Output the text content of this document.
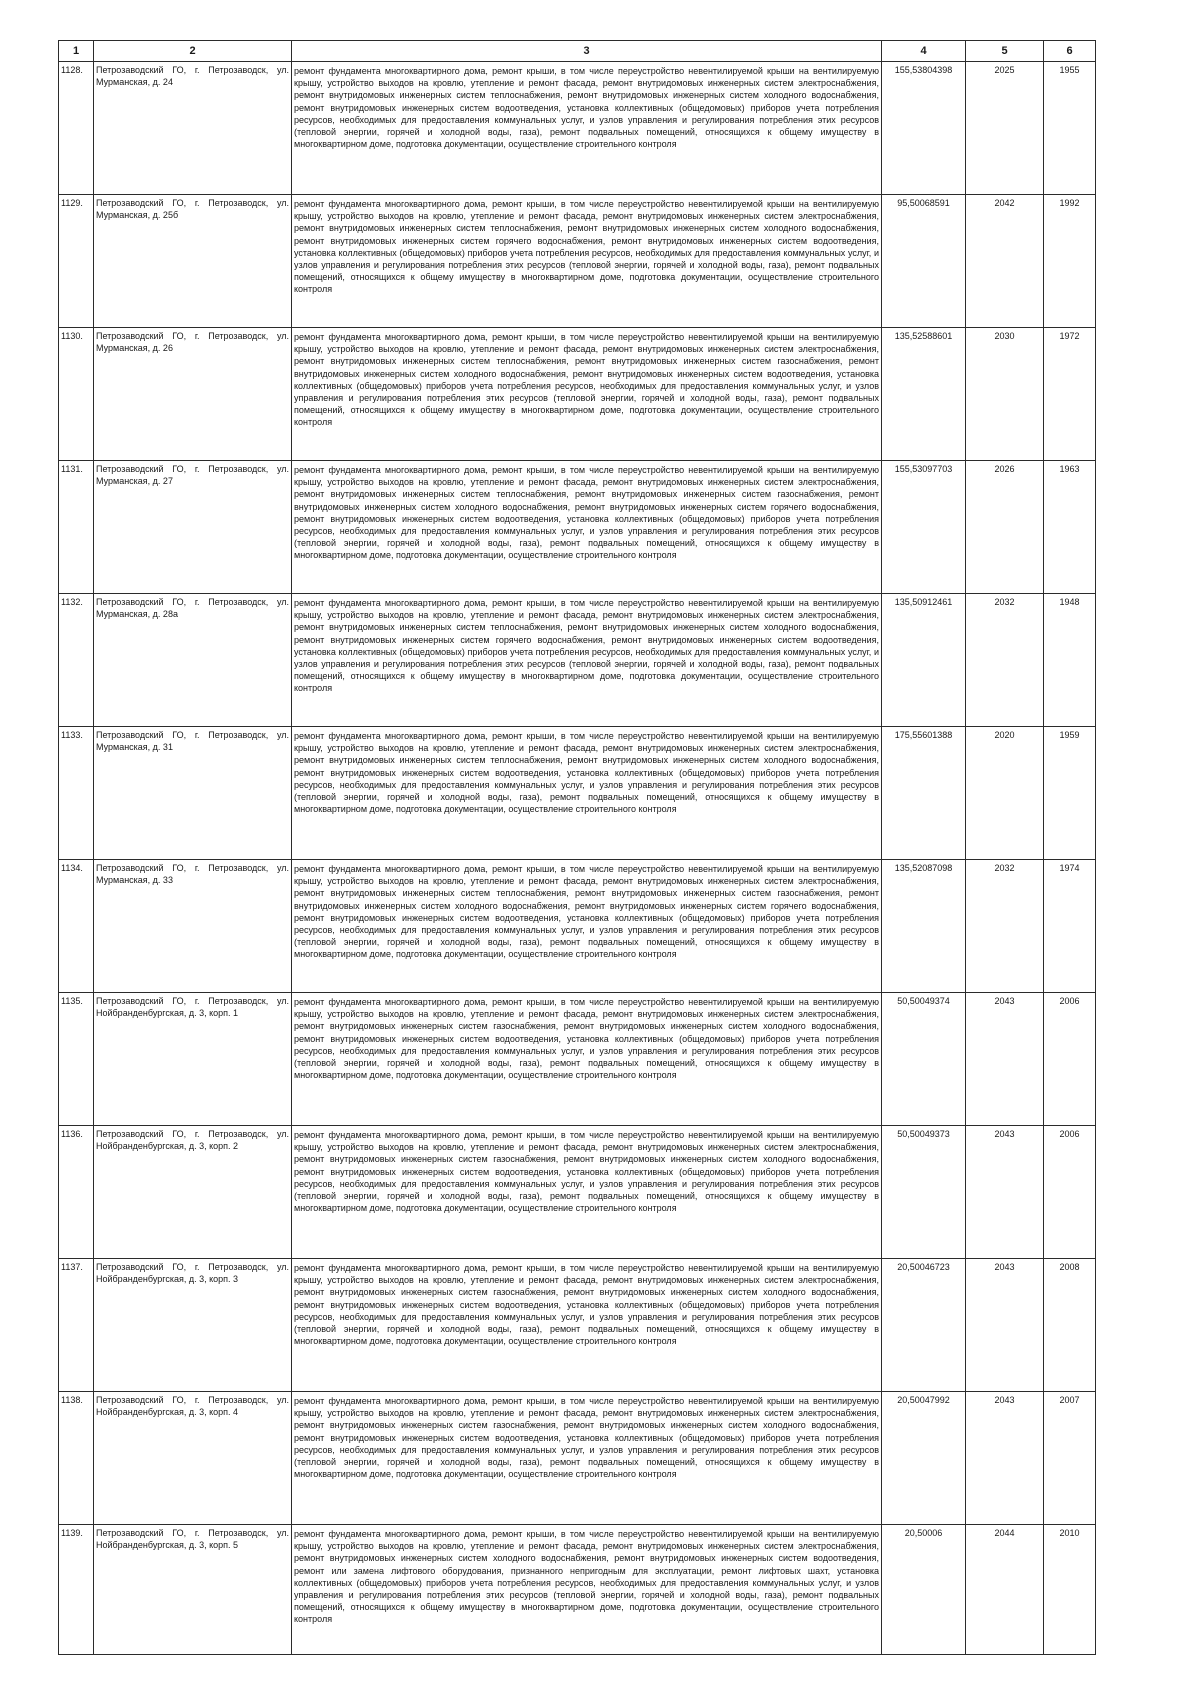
1	2	3	4	5	6
1128.	Петрозаводский ГО, г. Петрозаводск, ул. Мурманская, д. 24	ремонт фундамента многоквартирного дома, ремонт крыши, в том числе переустройство невентилируемой крыши на вентилируемую крышу, устройство выходов на кровлю, утепление и ремонт фасада, ремонт внутридомовых инженерных систем электроснабжения, ремонт внутридомовых инженерных систем теплоснабжения, ремонт внутридомовых инженерных систем холодного водоснабжения, ремонт внутридомовых инженерных систем водоотведения, установка коллективных (общедомовых) приборов учета потребления ресурсов, необходимых для предоставления коммунальных услуг, и узлов управления и регулирования потребления этих ресурсов (тепловой энергии, горячей и холодной воды, газа), ремонт подвальных помещений, относящихся к общему имуществу в многоквартирном доме, подготовка документации, осуществление строительного контроля	155,53804398	2025	1955
1129.	Петрозаводский ГО, г. Петрозаводск, ул. Мурманская, д. 25б	ремонт фундамента многоквартирного дома, ремонт крыши, в том числе переустройство невентилируемой крыши на вентилируемую крышу, устройство выходов на кровлю, утепление и ремонт фасада, ремонт внутридомовых инженерных систем электроснабжения, ремонт внутридомовых инженерных систем теплоснабжения, ремонт внутридомовых инженерных систем холодного водоснабжения, ремонт внутридомовых инженерных систем горячего водоснабжения, ремонт внутридомовых инженерных систем водоотведения, установка коллективных (общедомовых) приборов учета потребления ресурсов, необходимых для предоставления коммунальных услуг, и узлов управления и регулирования потребления этих ресурсов (тепловой энергии, горячей и холодной воды, газа), ремонт подвальных помещений, относящихся к общему имуществу в многоквартирном доме, подготовка документации, осуществление строительного контроля	95,50068591	2042	1992
1130.	Петрозаводский ГО, г. Петрозаводск, ул. Мурманская, д. 26	ремонт фундамента многоквартирного дома, ремонт крыши, в том числе переустройство невентилируемой крыши на вентилируемую крышу, устройство выходов на кровлю, утепление и ремонт фасада, ремонт внутридомовых инженерных систем электроснабжения, ремонт внутридомовых инженерных систем теплоснабжения, ремонт внутридомовых инженерных систем газоснабжения, ремонт внутридомовых инженерных систем холодного водоснабжения, ремонт внутридомовых инженерных систем водоотведения, установка коллективных (общедомовых) приборов учета потребления ресурсов, необходимых для предоставления коммунальных услуг, и узлов управления и регулирования потребления этих ресурсов (тепловой энергии, горячей и холодной воды, газа), ремонт подвальных помещений, относящихся к общему имуществу в многоквартирном доме, подготовка документации, осуществление строительного контроля	135,52588601	2030	1972
1131.	Петрозаводский ГО, г. Петрозаводск, ул. Мурманская, д. 27	ремонт фундамента многоквартирного дома, ремонт крыши, в том числе переустройство невентилируемой крыши на вентилируемую крышу, устройство выходов на кровлю, утепление и ремонт фасада, ремонт внутридомовых инженерных систем электроснабжения, ремонт внутридомовых инженерных систем теплоснабжения, ремонт внутридомовых инженерных систем газоснабжения, ремонт внутридомовых инженерных систем холодного водоснабжения, ремонт внутридомовых инженерных систем горячего водоснабжения, ремонт внутридомовых инженерных систем водоотведения, установка коллективных (общедомовых) приборов учета потребления ресурсов, необходимых для предоставления коммунальных услуг, и узлов управления и регулирования потребления этих ресурсов (тепловой энергии, горячей и холодной воды, газа), ремонт подвальных помещений, относящихся к общему имуществу в многоквартирном доме, подготовка документации, осуществление строительного контроля	155,53097703	2026	1963
1132.	Петрозаводский ГО, г. Петрозаводск, ул. Мурманская, д. 28а	ремонт фундамента многоквартирного дома, ремонт крыши, в том числе переустройство невентилируемой крыши на вентилируемую крышу, устройство выходов на кровлю, утепление и ремонт фасада, ремонт внутридомовых инженерных систем электроснабжения, ремонт внутридомовых инженерных систем теплоснабжения, ремонт внутридомовых инженерных систем холодного водоснабжения, ремонт внутридомовых инженерных систем горячего водоснабжения, ремонт внутридомовых инженерных систем водоотведения, установка коллективных (общедомовых) приборов учета потребления ресурсов, необходимых для предоставления коммунальных услуг, и узлов управления и регулирования потребления этих ресурсов (тепловой энергии, горячей и холодной воды, газа), ремонт подвальных помещений, относящихся к общему имуществу в многоквартирном доме, подготовка документации, осуществление строительного контроля	135,50912461	2032	1948
1133.	Петрозаводский ГО, г. Петрозаводск, ул. Мурманская, д. 31	ремонт фундамента многоквартирного дома, ремонт крыши, в том числе переустройство невентилируемой крыши на вентилируемую крышу, устройство выходов на кровлю, утепление и ремонт фасада, ремонт внутридомовых инженерных систем электроснабжения, ремонт внутридомовых инженерных систем теплоснабжения, ремонт внутридомовых инженерных систем холодного водоснабжения, ремонт внутридомовых инженерных систем водоотведения, установка коллективных (общедомовых) приборов учета потребления ресурсов, необходимых для предоставления коммунальных услуг, и узлов управления и регулирования потребления этих ресурсов (тепловой энергии, горячей и холодной воды, газа), ремонт подвальных помещений, относящихся к общему имуществу в многоквартирном доме, подготовка документации, осуществление строительного контроля	175,55601388	2020	1959
1134.	Петрозаводский ГО, г. Петрозаводск, ул. Мурманская, д. 33	ремонт фундамента многоквартирного дома, ремонт крыши, в том числе переустройство невентилируемой крыши на вентилируемую крышу, устройство выходов на кровлю, утепление и ремонт фасада, ремонт внутридомовых инженерных систем электроснабжения, ремонт внутридомовых инженерных систем теплоснабжения, ремонт внутридомовых инженерных систем газоснабжения, ремонт внутридомовых инженерных систем холодного водоснабжения, ремонт внутридомовых инженерных систем горячего водоснабжения, ремонт внутридомовых инженерных систем водоотведения, установка коллективных (общедомовых) приборов учета потребления ресурсов, необходимых для предоставления коммунальных услуг, и узлов управления и регулирования потребления этих ресурсов (тепловой энергии, горячей и холодной воды, газа), ремонт подвальных помещений, относящихся к общему имуществу в многоквартирном доме, подготовка документации, осуществление строительного контроля	135,52087098	2032	1974
1135.	Петрозаводский ГО, г. Петрозаводск, ул. Нойбранденбургская, д. 3, корп. 1	ремонт фундамента многоквартирного дома, ремонт крыши, в том числе переустройство невентилируемой крыши на вентилируемую крышу, устройство выходов на кровлю, утепление и ремонт фасада, ремонт внутридомовых инженерных систем электроснабжения, ремонт внутридомовых инженерных систем газоснабжения, ремонт внутридомовых инженерных систем холодного водоснабжения, ремонт внутридомовых инженерных систем водоотведения, установка коллективных (общедомовых) приборов учета потребления ресурсов, необходимых для предоставления коммунальных услуг, и узлов управления и регулирования потребления этих ресурсов (тепловой энергии, горячей и холодной воды, газа), ремонт подвальных помещений, относящихся к общему имуществу в многоквартирном доме, подготовка документации, осуществление строительного контроля	50,50049374	2043	2006
1136.	Петрозаводский ГО, г. Петрозаводск, ул. Нойбранденбургская, д. 3, корп. 2	ремонт фундамента многоквартирного дома, ремонт крыши, в том числе переустройство невентилируемой крыши на вентилируемую крышу, устройство выходов на кровлю, утепление и ремонт фасада, ремонт внутридомовых инженерных систем электроснабжения, ремонт внутридомовых инженерных систем газоснабжения, ремонт внутридомовых инженерных систем холодного водоснабжения, ремонт внутридомовых инженерных систем водоотведения, установка коллективных (общедомовых) приборов учета потребления ресурсов, необходимых для предоставления коммунальных услуг, и узлов управления и регулирования потребления этих ресурсов (тепловой энергии, горячей и холодной воды, газа), ремонт подвальных помещений, относящихся к общему имуществу в многоквартирном доме, подготовка документации, осуществление строительного контроля	50,50049373	2043	2006
1137.	Петрозаводский ГО, г. Петрозаводск, ул. Нойбранденбургская, д. 3, корп. 3	ремонт фундамента многоквартирного дома, ремонт крыши, в том числе переустройство невентилируемой крыши на вентилируемую крышу, устройство выходов на кровлю, утепление и ремонт фасада, ремонт внутридомовых инженерных систем электроснабжения, ремонт внутридомовых инженерных систем газоснабжения, ремонт внутридомовых инженерных систем холодного водоснабжения, ремонт внутридомовых инженерных систем водоотведения, установка коллективных (общедомовых) приборов учета потребления ресурсов, необходимых для предоставления коммунальных услуг, и узлов управления и регулирования потребления этих ресурсов (тепловой энергии, горячей и холодной воды, газа), ремонт подвальных помещений, относящихся к общему имуществу в многоквартирном доме, подготовка документации, осуществление строительного контроля	20,50046723	2043	2008
1138.	Петрозаводский ГО, г. Петрозаводск, ул. Нойбранденбургская, д. 3, корп. 4	ремонт фундамента многоквартирного дома, ремонт крыши, в том числе переустройство невентилируемой крыши на вентилируемую крышу, устройство выходов на кровлю, утепление и ремонт фасада, ремонт внутридомовых инженерных систем электроснабжения, ремонт внутридомовых инженерных систем газоснабжения, ремонт внутридомовых инженерных систем холодного водоснабжения, ремонт внутридомовых инженерных систем водоотведения, установка коллективных (общедомовых) приборов учета потребления ресурсов, необходимых для предоставления коммунальных услуг, и узлов управления и регулирования потребления этих ресурсов (тепловой энергии, горячей и холодной воды, газа), ремонт подвальных помещений, относящихся к общему имуществу в многоквартирном доме, подготовка документации, осуществление строительного контроля	20,50047992	2043	2007
1139.	Петрозаводский ГО, г. Петрозаводск, ул. Нойбранденбургская, д. 3, корп. 5	ремонт фундамента многоквартирного дома, ремонт крыши, в том числе переустройство невентилируемой крыши на вентилируемую крышу, устройство выходов на кровлю, утепление и ремонт фасада, ремонт внутридомовых инженерных систем электроснабжения, ремонт внутридомовых инженерных систем холодного водоснабжения, ремонт внутридомовых инженерных систем водоотведения, ремонт или замена лифтового оборудования, признанного непригодным для эксплуатации, ремонт лифтовых шахт, установка коллективных (общедомовых) приборов учета потребления ресурсов, необходимых для предоставления коммунальных услуг, и узлов управления и регулирования потребления этих ресурсов (тепловой энергии, горячей и холодной воды, газа), ремонт подвальных помещений, относящихся к общему имуществу в многоквартирном доме, подготовка документации, осуществление строительного контроля	20,50006	2044	2010
